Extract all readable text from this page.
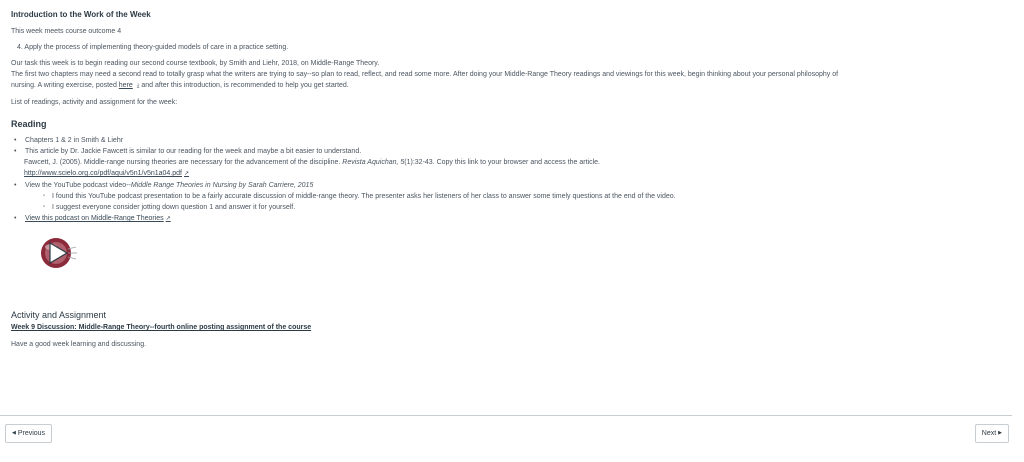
Introduction to the Work of the Week

This week meets course outcome 4

4. Apply the process of implementing theory-guided models of care in a practice setting.

Our task this week is to begin reading our second course textbook, by Smith and Liehr, 2018, on Middle-Range Theory.

The first two chapters may need a second read to totally grasp what the writers are trying to say--so plan to read, reflect, and read some more. After doing your Middle-Range Theory readings and viewings for this week, begin thinking about your personal philosophy of

nursing. A writing exercise, posted here ⤓ and after this introduction, is recommended to help you get started.

List of readings, activity and assignment for the week:

Reading
• Chapters 1 & 2 in Smith & Liehr
• This article by Dr. Jackie Fawcett is similar to our reading for the week and maybe a bit easier to understand.
Fawcett, J. (2005). Middle-range nursing theories are necessary for the advancement of the discipline. Revista Aquichan, 5(1):32-43. Copy this link to your browser and access the article.
http://www.scielo.org.co/pdf/aqui/v5n1/v5n1a04.pdf ↗
• View the YouTube podcast video--Middle Range Theories in Nursing by Sarah Carriere, 2015
▫ I found this YouTube podcast presentation to be a fairly accurate discussion of middle-range theory. The presenter asks her listeners of her class to answer some timely questions at the end of the video.
▫ I suggest everyone consider jotting down question 1 and answer it for yourself.
• View this podcast on Middle-Range Theories ↗
Activity and Assignment

Week 9 Discussion: Middle-Range Theory--fourth online posting assignment of the course

Have a good week learning and discussing.

◀ Previous	Next ▶
